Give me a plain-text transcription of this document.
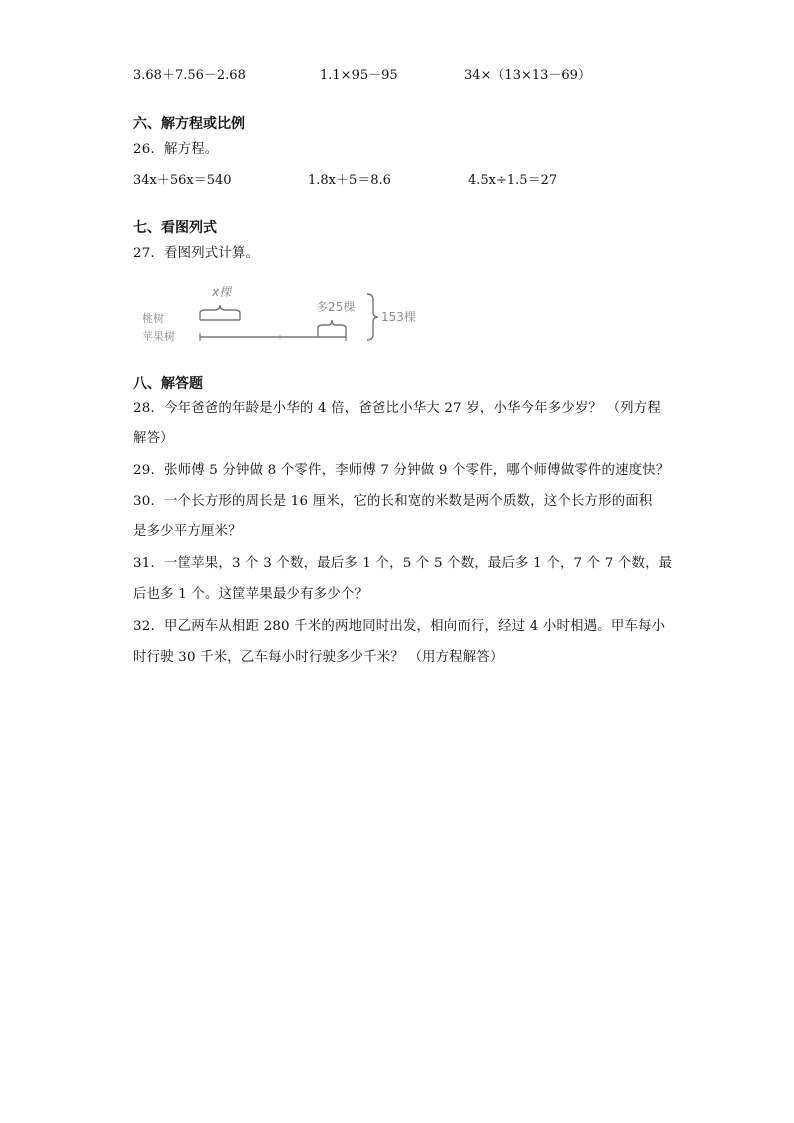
3.68＋7.56－2.68	1.1×95－95	34×（13×13－69）
六、解方程或比例
26．解方程。
34x＋56x＝540	1.8x＋5＝8.6	4.5x÷1.5＝27
七、看图列式
27．看图列式计算。
桃树
苹果树
x棵
多25棵
153棵
八、解答题
28．今年爸爸的年龄是小华的 4 倍，爸爸比小华大 27 岁，小华今年多少岁？ （列方程
解答）
29．张师傅 5 分钟做 8 个零件，李师傅 7 分钟做 9 个零件，哪个师傅做零件的速度快？
30．一个长方形的周长是 16 厘米，它的长和宽的米数是两个质数，这个长方形的面积
是多少平方厘米？
31．一筐苹果，3 个 3 个数，最后多 1 个，5 个 5 个数，最后多 1 个，7 个 7 个数，最
后也多 1 个。这筐苹果最少有多少个？
32．甲乙两车从相距 280 千米的两地同时出发，相向而行，经过 4 小时相遇。甲车每小
时行驶 30 千米，乙车每小时行驶多少千米？ （用方程解答）
